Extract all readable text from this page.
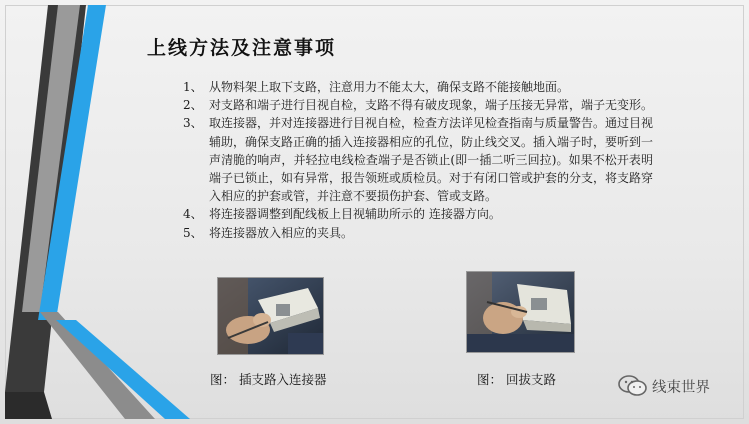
上线方法及注意事项
1、 从物料架上取下支路，注意用力不能太大，确保支路不能接触地面。
2、 对支路和端子进行目视自检，支路不得有破皮现象，端子压接无异常，端子无变形。
3、 取连接器，并对连接器进行目视自检，检查方法详见检查指南与质量警告。通过目视辅助，确保支路正确的插入连接器相应的孔位，防止线交叉。插入端子时，要听到一声清脆的响声，并轻拉电线检查端子是否锁止(即一插二听三回拉)。如果不松开表明端子已锁止，如有异常，报告领班或质检员。对于有闭口管或护套的分支，将支路穿入相应的护套或管，并注意不要损伤护套、管或支路。
4、 将连接器调整到配线板上目视辅助所示的 连接器方向。
5、 将连接器放入相应的夹具。
图： 插支路入连接器	图： 回拔支路	线束世界
